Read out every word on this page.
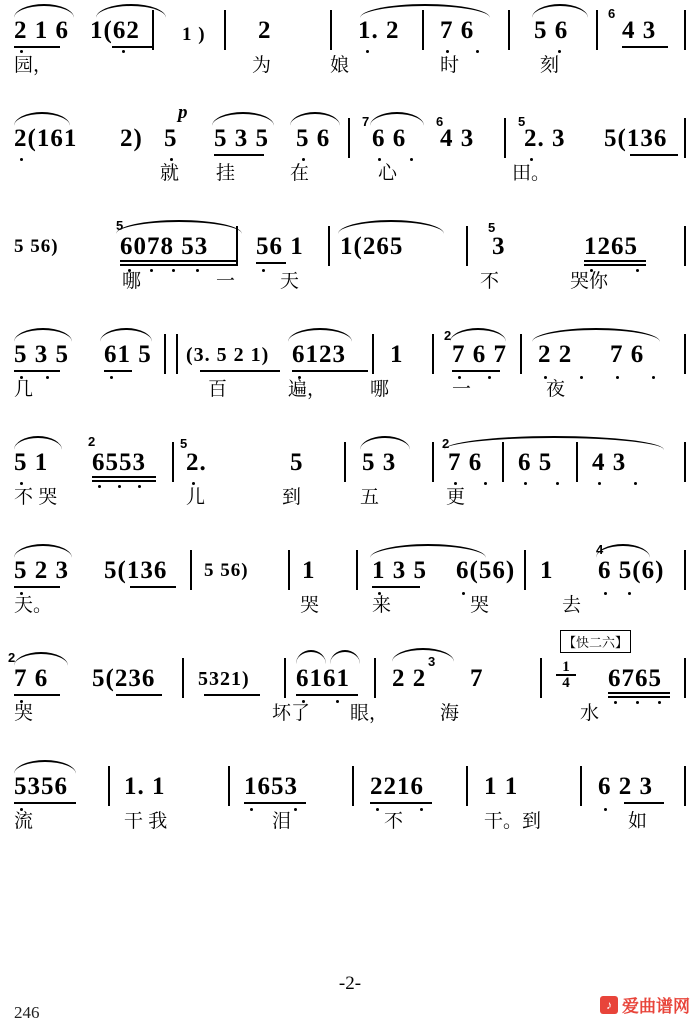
6
2 1 6 1(62 1 ) 2	1. 2 7 6 5 6 4 3
园，	为	娘	时	刻
p	7	6	5
2(161 2) 5 5 3 5 5 6 6 6 4 3 2. 3 5(136
就 挂	在	心	田。
5	5
5 56) 6078 53 56 1 1(265	3	1265
哪	一 天	不	哭你
2
5 3 5 61 5 (3. 5 2 1) 6123 1 7 6 7 2 2 7 6
几	百	遍， 哪	一	夜
2	5	2
5 1 6553 2.	5 5 3 7 6 6 5 4 3
不 哭	儿	到	五	更
4
5 2 3 5(136 5 56) 1 1 3 5 6(56) 1 6 5(6)
天。	哭	来	哭	去
【快二六】
2	3
7 6 5(236 5321) 6161 2 2 7	6765
$\frac{1}{4}$
哭	坏了 眼，	海	水
5356 1. 1	1653	2216 1 1	6 2 3
流	干 我	泪	不	干。到	如
-2-
246	♪ 爱曲谱网
